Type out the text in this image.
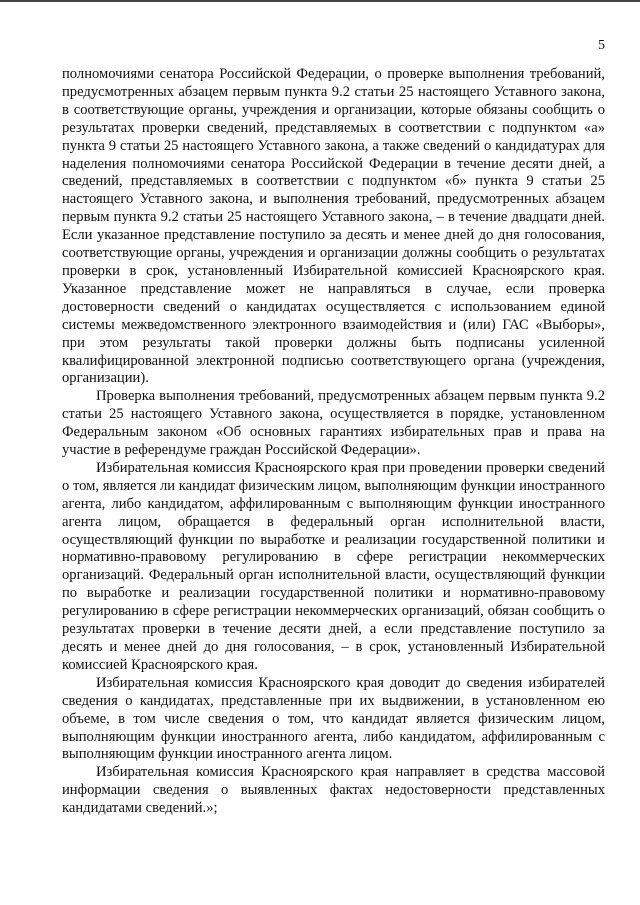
5

полномочиями сенатора Российской Федерации, о проверке выполнения требований, предусмотренных абзацем первым пункта 9.2 статьи 25 настоящего Уставного закона, в соответствующие органы, учреждения и организации, которые обязаны сообщить о результатах проверки сведений, представляемых в соответствии с подпунктом «а» пункта 9 статьи 25 настоящего Уставного закона, а также сведений о кандидатурах для наделения полномочиями сенатора Российской Федерации в течение десяти дней, а сведений, представляемых в соответствии с подпунктом «б» пункта 9 статьи 25 настоящего Уставного закона, и выполнения требований, предусмотренных абзацем первым пункта 9.2 статьи 25 настоящего Уставного закона, – в течение двадцати дней. Если указанное представление поступило за десять и менее дней до дня голосования, соответствующие органы, учреждения и организации должны сообщить о результатах проверки в срок, установленный Избирательной комиссией Красноярского края. Указанное представление может не направляться в случае, если проверка достоверности сведений о кандидатах осуществляется с использованием единой системы межведомственного электронного взаимодействия и (или) ГАС «Выборы», при этом результаты такой проверки должны быть подписаны усиленной квалифицированной электронной подписью соответствующего органа (учреждения, организации).

Проверка выполнения требований, предусмотренных абзацем первым пункта 9.2 статьи 25 настоящего Уставного закона, осуществляется в порядке, установленном Федеральным законом «Об основных гарантиях избирательных прав и права на участие в референдуме граждан Российской Федерации».

Избирательная комиссия Красноярского края при проведении проверки сведений о том, является ли кандидат физическим лицом, выполняющим функции иностранного агента, либо кандидатом, аффилированным с выполняющим функции иностранного агента лицом, обращается в федеральный орган исполнительной власти, осуществляющий функции по выработке и реализации государственной политики и нормативно-правовому регулированию в сфере регистрации некоммерческих организаций. Федеральный орган исполнительной власти, осуществляющий функции по выработке и реализации государственной политики и нормативно-правовому регулированию в сфере регистрации некоммерческих организаций, обязан сообщить о результатах проверки в течение десяти дней, а если представление поступило за десять и менее дней до дня голосования, – в срок, установленный Избирательной комиссией Красноярского края.

Избирательная комиссия Красноярского края доводит до сведения избирателей сведения о кандидатах, представленные при их выдвижении, в установленном ею объеме, в том числе сведения о том, что кандидат является физическим лицом, выполняющим функции иностранного агента, либо кандидатом, аффилированным с выполняющим функции иностранного агента лицом.

Избирательная комиссия Красноярского края направляет в средства массовой информации сведения о выявленных фактах недостоверности представленных кандидатами сведений.»;
